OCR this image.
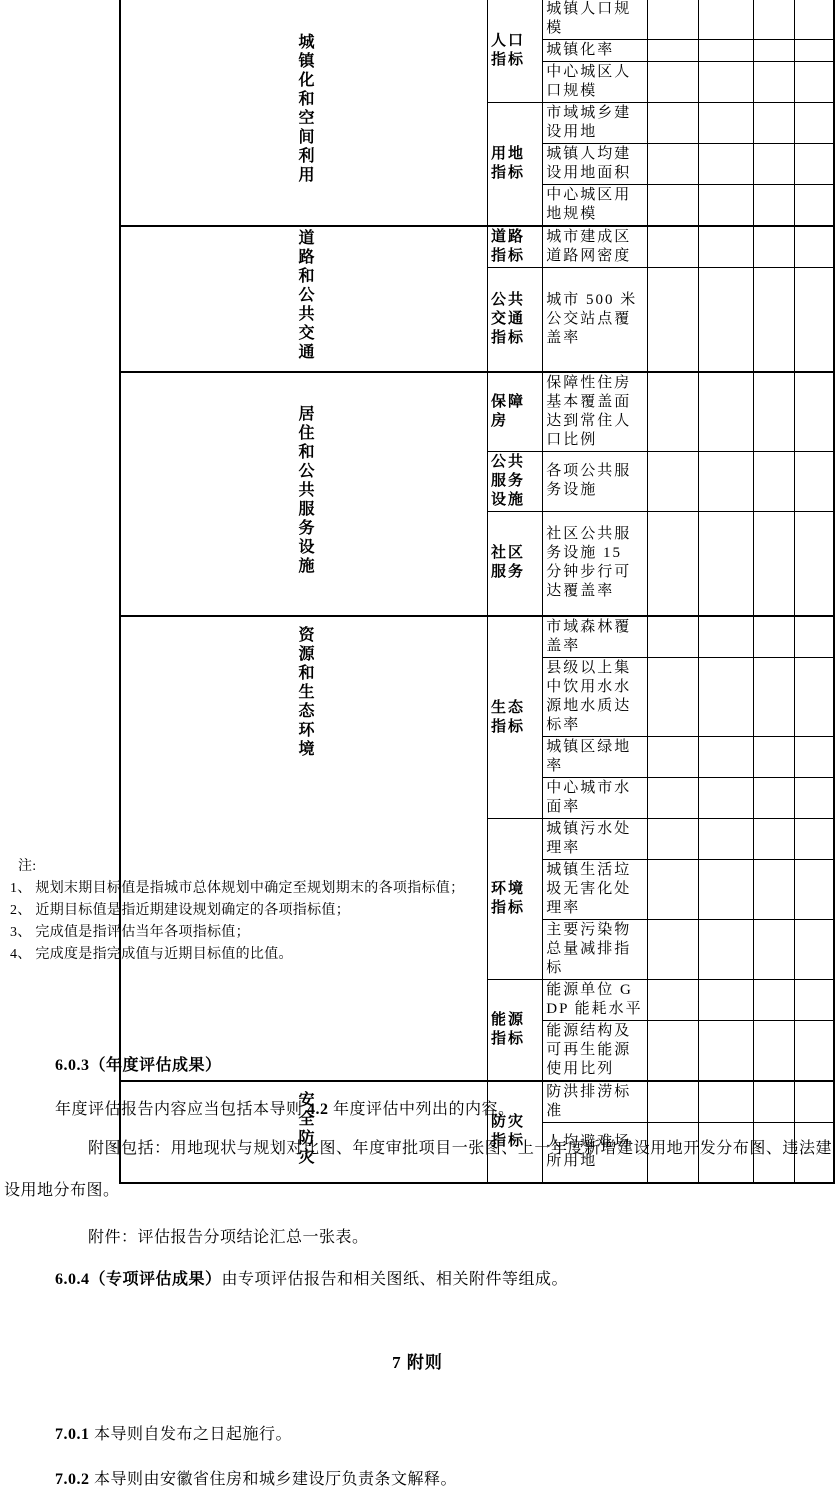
城镇化和空间利用	人口指标	城镇人口规模				
		城镇化率				
		中心城区人口规模				
	用地指标	市域城乡建设用地				
		城镇人均建设用地面积				
		中心城区用地规模				
道路和公共交通	道路指标	城市建成区道路网密度				
	公共交通指标	城市 500 米公交站点覆盖率				
居住和公共服务设施	保障房	保障性住房基本覆盖面达到常住人口比例				
	公共服务设施	各项公共服务设施				
	社区服务	社区公共服务设施 15 分钟步行可达覆盖率				
资源和生态环境	生态指标	市域森林覆盖率				
		县级以上集中饮用水水源地水质达标率				
		城镇区绿地率				
		中心城市水面率				
	环境指标	城镇污水处理率				
		城镇生活垃圾无害化处理率				
		主要污染物总量减排指标				
	能源指标	能源单位 GDP 能耗水平				
		能源结构及可再生能源使用比列				
安全防灾	防灾指标	防洪排涝标准				
		人均避难场所用地				
注:
1、 规划末期目标值是指城市总体规划中确定至规划期末的各项指标值；
2、 近期目标值是指近期建设规划确定的各项指标值；
3、 完成值是指评估当年各项指标值；
4、 完成度是指完成值与近期目标值的比值。
6.0.3（年度评估成果）
年度评估报告内容应当包括本导则 4.2 年度评估中列出的内容。
附图包括：用地现状与规划对比图、年度审批项目一张图、上一年度新增建设用地开发分布图、违法建设用地分布图。
附件：评估报告分项结论汇总一张表。
6.0.4（专项评估成果）由专项评估报告和相关图纸、相关附件等组成。
7 附则
7.0.1 本导则自发布之日起施行。
7.0.2 本导则由安徽省住房和城乡建设厅负责条文解释。
